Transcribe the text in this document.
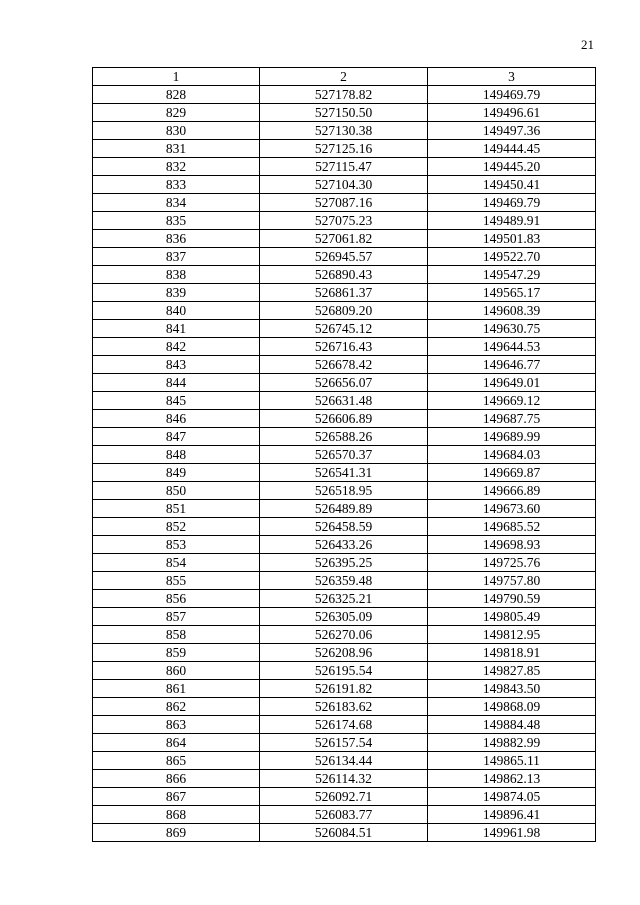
21
1	2	3
828	527178.82	149469.79
829	527150.50	149496.61
830	527130.38	149497.36
831	527125.16	149444.45
832	527115.47	149445.20
833	527104.30	149450.41
834	527087.16	149469.79
835	527075.23	149489.91
836	527061.82	149501.83
837	526945.57	149522.70
838	526890.43	149547.29
839	526861.37	149565.17
840	526809.20	149608.39
841	526745.12	149630.75
842	526716.43	149644.53
843	526678.42	149646.77
844	526656.07	149649.01
845	526631.48	149669.12
846	526606.89	149687.75
847	526588.26	149689.99
848	526570.37	149684.03
849	526541.31	149669.87
850	526518.95	149666.89
851	526489.89	149673.60
852	526458.59	149685.52
853	526433.26	149698.93
854	526395.25	149725.76
855	526359.48	149757.80
856	526325.21	149790.59
857	526305.09	149805.49
858	526270.06	149812.95
859	526208.96	149818.91
860	526195.54	149827.85
861	526191.82	149843.50
862	526183.62	149868.09
863	526174.68	149884.48
864	526157.54	149882.99
865	526134.44	149865.11
866	526114.32	149862.13
867	526092.71	149874.05
868	526083.77	149896.41
869	526084.51	149961.98
